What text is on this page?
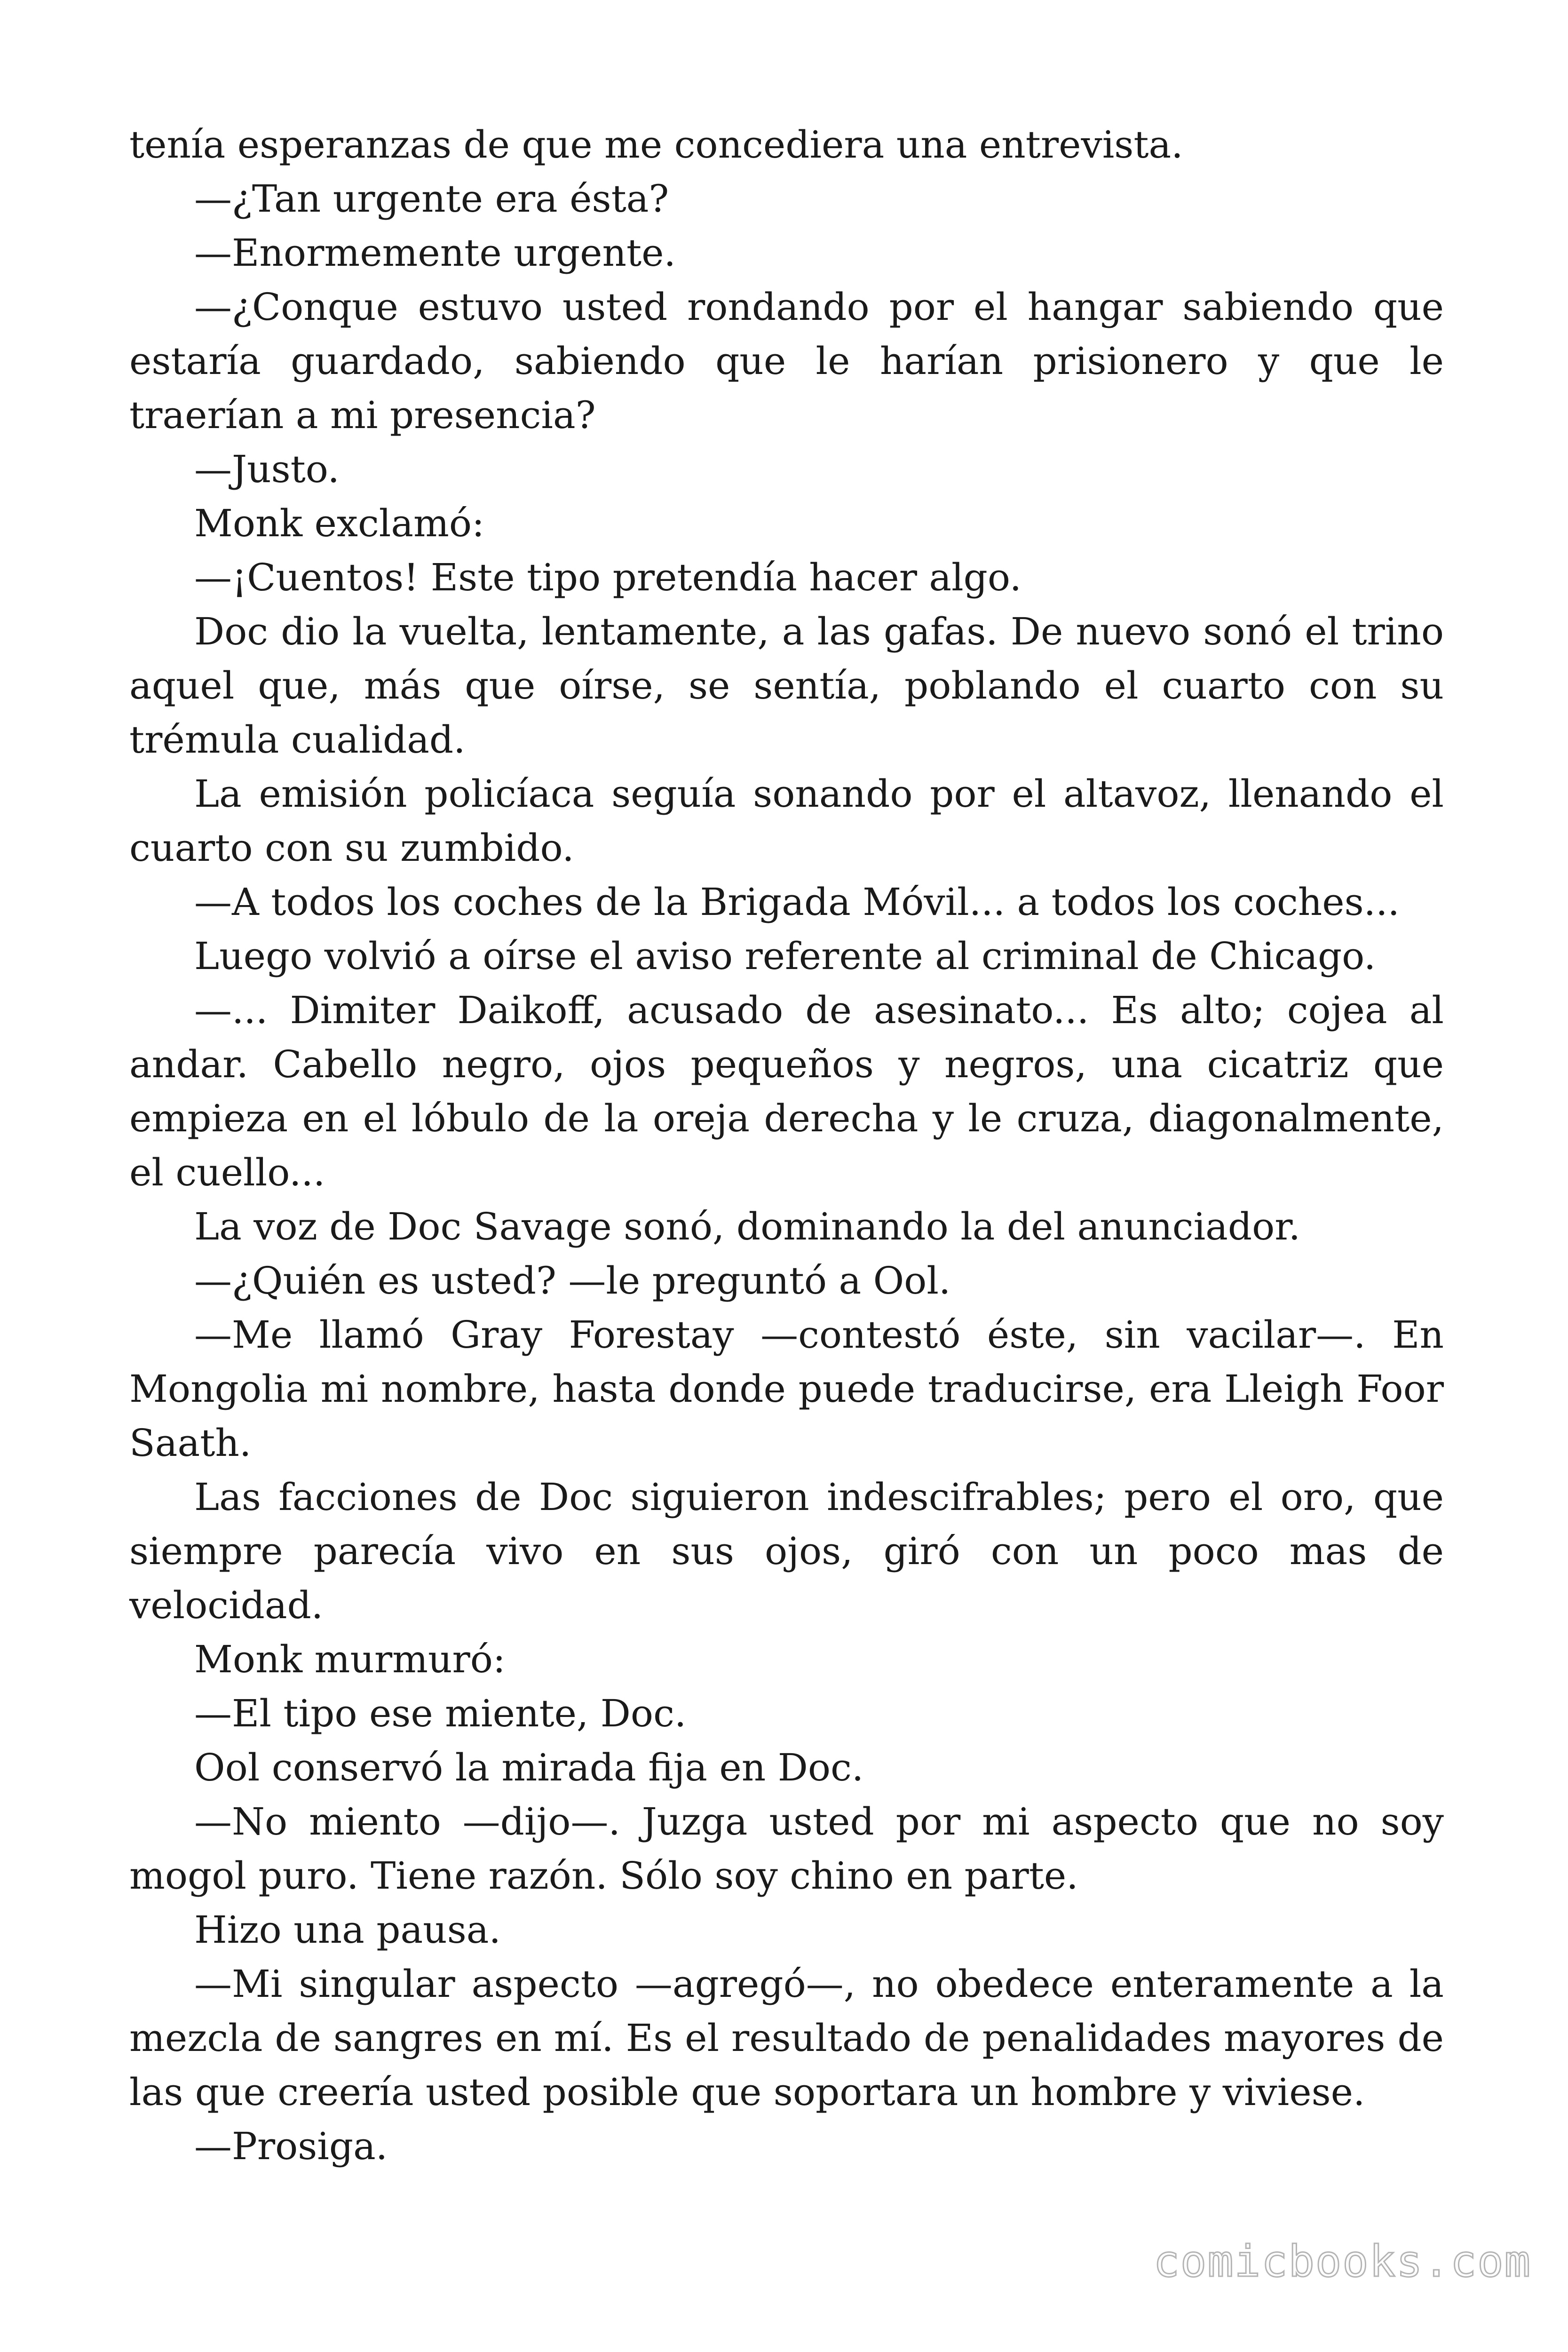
tenía esperanzas de que me concediera una entrevista.

—¿Tan urgente era ésta?

—Enormemente urgente.

—¿Conque estuvo usted rondando por el hangar sabiendo que estaría guardado, sabiendo que le harían prisionero y que le traerían a mi presencia?

—Justo.

Monk exclamó:

—¡Cuentos! Este tipo pretendía hacer algo.

Doc dio la vuelta, lentamente, a las gafas. De nuevo sonó el trino aquel que, más que oírse, se sentía, poblando el cuarto con su trémula cualidad.

La emisión policíaca seguía sonando por el altavoz, llenando el cuarto con su zumbido.

—A todos los coches de la Brigada Móvil... a todos los coches...

Luego volvió a oírse el aviso referente al criminal de Chicago.

—... Dimiter Daikoff, acusado de asesinato... Es alto; cojea al andar. Cabello negro, ojos pequeños y negros, una cicatriz que empieza en el lóbulo de la oreja derecha y le cruza, diagonalmente, el cuello...

La voz de Doc Savage sonó, dominando la del anunciador.

—¿Quién es usted? —le preguntó a Ool.

—Me llamó Gray Forestay —contestó éste, sin vacilar—. En Mongolia mi nombre, hasta donde puede traducirse, era Lleigh Foor Saath.

Las facciones de Doc siguieron indescifrables; pero el oro, que siempre parecía vivo en sus ojos, giró con un poco mas de velocidad.

Monk murmuró:

—El tipo ese miente, Doc.

Ool conservó la mirada fija en Doc.

—No miento —dijo—. Juzga usted por mi aspecto que no soy mogol puro. Tiene razón. Sólo soy chino en parte.

Hizo una pausa.

—Mi singular aspecto —agregó—, no obedece enteramente a la mezcla de sangres en mí. Es el resultado de penalidades mayores de las que creería usted posible que soportara un hombre y viviese.

—Prosiga.

comicbooks.com
